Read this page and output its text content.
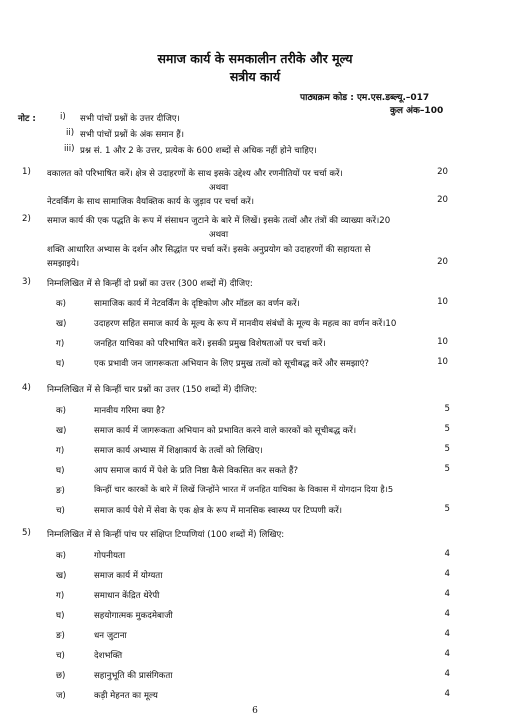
समाज कार्य के समकालीन तरीके और मूल्य
सत्रीय कार्य
पाठ्यक्रम कोड : एम.एस.डब्ल्यू.–017
कुल अंक–100
नोट :	i) सभी पांचों प्रश्नों के उत्तर दीजिए।
ii) सभी पांचों प्रश्नों के अंक समान हैं।
iii) प्रश्न सं. 1 और 2 के उत्तर, प्रत्येक के 600 शब्दों से अधिक नहीं होने चाहिए।
1) वकालत को परिभाषित करें। क्षेत्र से उदाहरणों के साथ इसके उद्देश्य और रणनीतियों पर चर्चा करें।	20
अथवा
नेटवर्किंग के साथ सामाजिक वैयक्तिक कार्य के जुड़ाव पर चर्चा करें।	20
2) समाज कार्य की एक पद्धति के रूप में संसाधन जुटाने के बारे में लिखें। इसके तत्वों और तंत्रों की व्याख्या करें।20
अथवा
शक्ति आधारित अभ्यास के दर्शन और सिद्धांत पर चर्चा करें। इसके अनुप्रयोग को उदाहरणों की सहायता से
समझाइये।	20
3) निम्नलिखित में से किन्हीं दो प्रश्नों का उत्तर (300 शब्दों में) दीजिए:
क)	सामाजिक कार्य में नेटवर्किंग के दृष्टिकोण और मॉडल का वर्णन करें।	10
ख)	उदाहरण सहित समाज कार्य के मूल्य के रूप में मानवीय संबंधों के मूल्य के महत्व का वर्णन करें।10
ग)	जनहित याचिका को परिभाषित करें। इसकी प्रमुख विशेषताओं पर चर्चा करें।	10
घ)	एक प्रभावी जन जागरूकता अभियान के लिए प्रमुख तत्वों को सूचीबद्ध करें और समझाएं?	10
4) निम्नलिखित में से किन्हीं चार प्रश्नों का उत्तर (150 शब्दों में) दीजिए:
क)	मानवीय गरिमा क्या है?	5
ख)	समाज कार्य में जागरूकता अभियान को प्रभावित करने वाले कारकों को सूचीबद्ध करें।	5
ग)	समाज कार्य अभ्यास में शिक्षाकार्य के तत्वों को लिखिए।	5
घ)	आप समाज कार्य में पेशे के प्रति निष्ठा कैसे विकसित कर सकते हैं?	5
ङ)	किन्हीं चार कारकों के बारे में लिखें जिन्होंने भारत में जनहित याचिका के विकास में योगदान दिया है।5
च)	समाज कार्य पेशे में सेवा के एक क्षेत्र के रूप में मानसिक स्वास्थ्य पर टिप्पणी करें।	5
5) निम्नलिखित में से किन्हीं पांच पर संक्षिप्त टिप्पणियां (100 शब्दों में) लिखिए:
क)	गोपनीयता	4
ख)	समाज कार्य में योग्यता	4
ग)	समाधान केंद्रित थेरेपी	4
घ)	सहयोगात्मक मुकदमेबाजी	4
ङ)	धन जुटाना	4
च)	देशभक्ति	4
छ)	सहानुभूति की प्रासंगिकता	4
ज)	कड़ी मेहनत का मूल्य	4
6
